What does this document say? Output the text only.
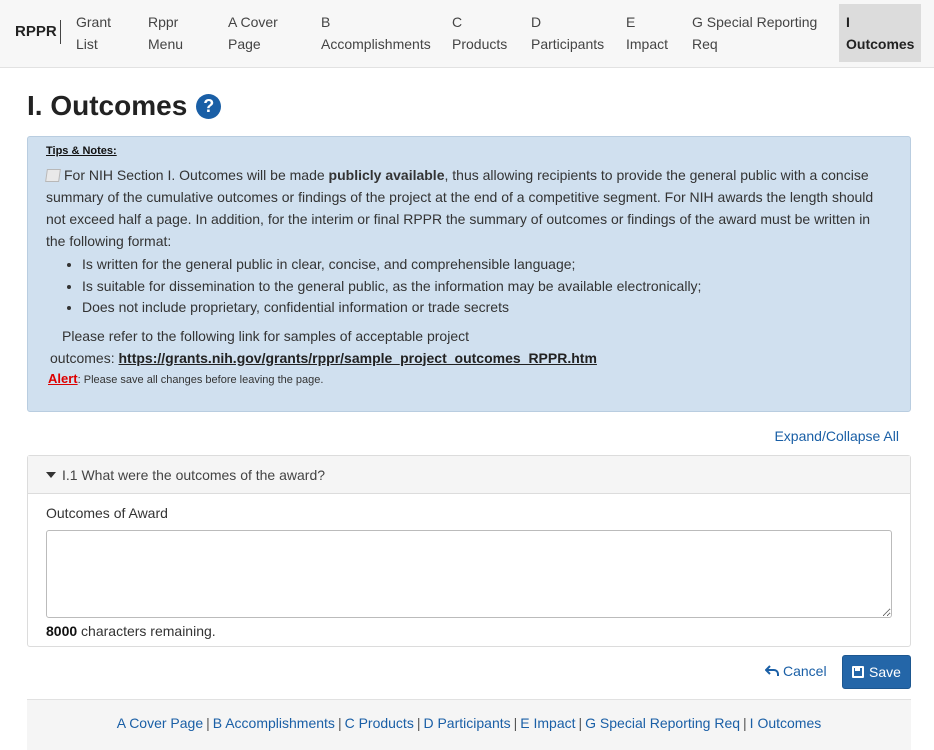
RPPR
Grant
List
Rppr
Menu
A Cover
Page
B
Accomplishments
C
Products
D
Participants
E
Impact
G Special Reporting
Req
I
Outcomes
I. Outcomes ?
Tips & Notes:
For NIH Section I. Outcomes will be made publicly available, thus allowing recipients to provide the general public with a concise summary of the cumulative outcomes or findings of the project at the end of a competitive segment. For NIH awards the length should not exceed half a page. In addition, for the interim or final RPPR the summary of outcomes or findings of the award must be written in the following format:
• Is written for the general public in clear, concise, and comprehensible language;
• Is suitable for dissemination to the general public, as the information may be available electronically;
• Does not include proprietary, confidential information or trade secrets
Please refer to the following link for samples of acceptable project
outcomes: https://grants.nih.gov/grants/rppr/sample_project_outcomes_RPPR.htm
Alert: Please save all changes before leaving the page.
Expand/Collapse All
I.1 What were the outcomes of the award?
Outcomes of Award
8000 characters remaining.
Cancel	Save
A Cover Page | B Accomplishments | C Products | D Participants | E Impact | G Special Reporting Req | I Outcomes
